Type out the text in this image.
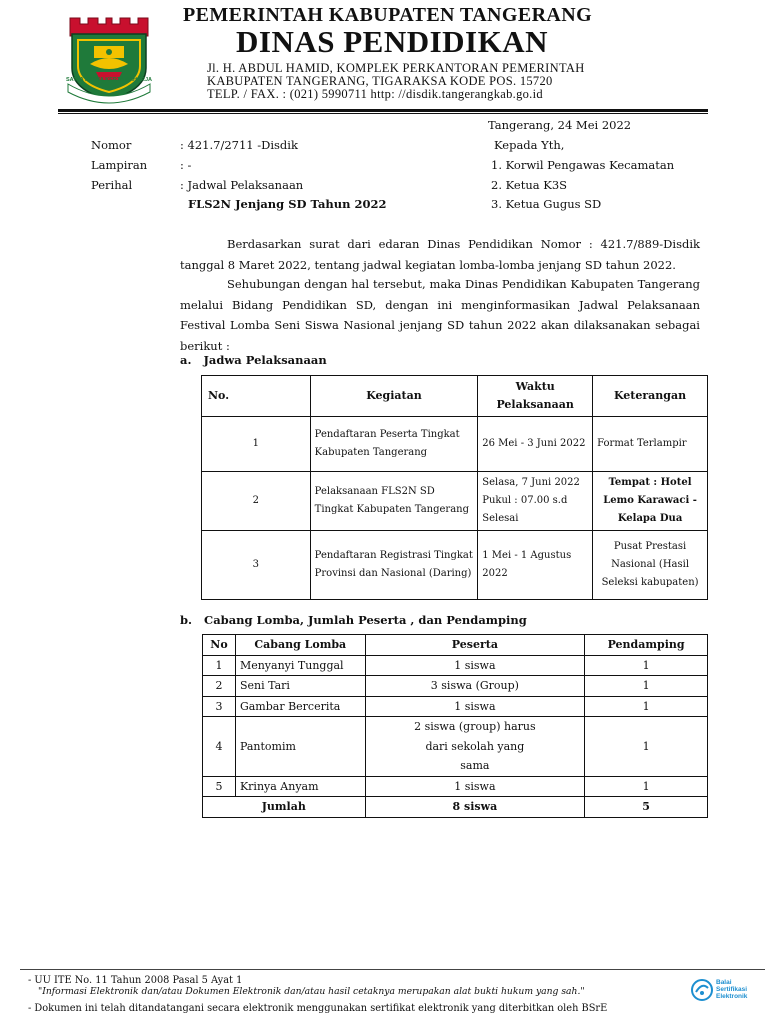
SATYA KARYA KERTA RAHARJA
PEMERINTAH KABUPATEN TANGERANG
DINAS PENDIDIKAN
Jl. H. ABDUL HAMID, KOMPLEK PERKANTORAN PEMERINTAH
KABUPATEN TANGERANG, TIGARAKSA KODE POS. 15720
TELP. / FAX. : (021) 5990711 http: //disdik.tangerangkab.go.id
Tangerang, 24 Mei 2022
Nomor	: 421.7/2711 -Disdik
Lampiran	: -
Perihal	: Jadwal Pelaksanaan
FLS2N Jenjang SD Tahun 2022
Kepada Yth,
1. Korwil Pengawas Kecamatan
2. Ketua K3S
3. Ketua Gugus SD
Berdasarkan surat dari edaran Dinas Pendidikan Nomor : 421.7/889-Disdik
tanggal 8 Maret 2022, tentang jadwal kegiatan lomba-lomba jenjang SD tahun 2022.
Sehubungan dengan hal tersebut, maka Dinas Pendidikan Kabupaten Tangerang
melalui Bidang Pendidikan SD, dengan ini menginformasikan Jadwal Pelaksanaan
Festival Lomba Seni Siswa Nasional jenjang SD tahun 2022 akan dilaksanakan sebagai
berikut :
a.   Jadwa Pelaksanaan
No.	Kegiatan	Waktu Pelaksanaan	Keterangan
1	Pendaftaran Peserta Tingkat Kabupaten Tangerang	26 Mei - 3 Juni 2022	Format Terlampir
2	Pelaksanaan FLS2N SD Tingkat Kabupaten Tangerang	Selasa, 7 Juni 2022 Pukul : 07.00 s.d Selesai	Tempat : Hotel Lemo Karawaci - Kelapa Dua
3	Pendaftaran Registrasi Tingkat Provinsi dan Nasional (Daring)	1 Mei - 1 Agustus 2022	Pusat Prestasi Nasional (Hasil Seleksi kabupaten)
b.   Cabang Lomba, Jumlah Peserta , dan Pendamping
No	Cabang Lomba	Peserta	Pendamping
1	Menyanyi Tunggal	1 siswa	1
2	Seni Tari	3 siswa (Group)	1
3	Gambar Bercerita	1 siswa	1
4	Pantomim	2 siswa (group) harus dari sekolah yang sama	1
5	Krinya Anyam	1 siswa	1
Jumlah		8 siswa	5
- UU ITE No. 11 Tahun 2008 Pasal 5 Ayat 1
"Informasi Elektronik dan/atau Dokumen Elektronik dan/atau hasil cetaknya merupakan alat bukti hukum yang sah."
- Dokumen ini telah ditandatangani secara elektronik menggunakan sertifikat elektronik yang diterbitkan oleh BSrE
Balai
Sertifikasi
Elektronik
